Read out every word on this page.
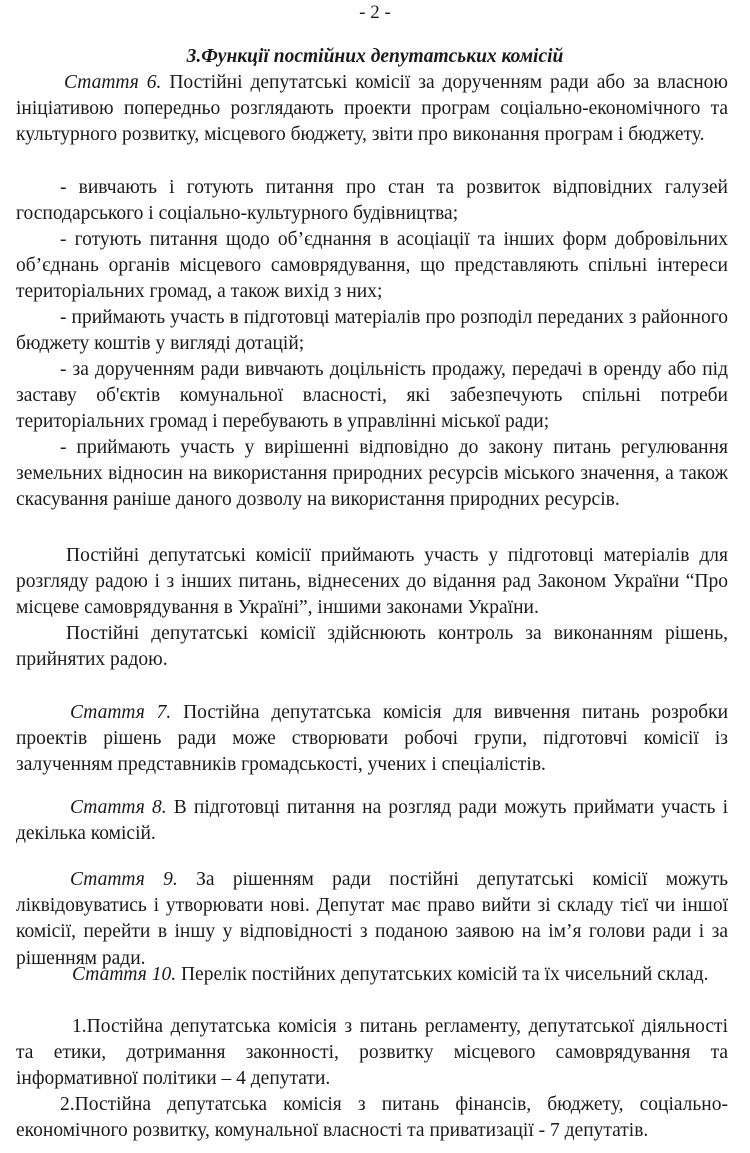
- 2 -
3.Функції постійних депутатських комісій
Стаття 6. Постійні депутатські комісії за дорученням ради або за власною ініціативою попередньо розглядають проекти програм соціально-економічного та культурного розвитку, місцевого бюджету, звіти про виконання програм і бюджету.
- вивчають і готують питання про стан та розвиток відповідних галузей господарського і соціально-культурного будівництва;
- готують питання щодо об’єднання в асоціації та інших форм добровільних об’єднань органів місцевого самоврядування, що представляють спільні інтереси територіальних громад, а також вихід з них;
- приймають участь в підготовці матеріалів про розподіл переданих з районного бюджету коштів у вигляді дотацій;
- за дорученням ради вивчають доцільність продажу, передачі в оренду або під заставу об'єктів комунальної власності, які забезпечують спільні потреби територіальних громад і перебувають в управлінні міської ради;
- приймають участь у вирішенні відповідно до закону питань регулювання земельних відносин на використання природних ресурсів міського значення, а також скасування раніше даного дозволу на використання природних ресурсів.
Постійні депутатські комісії приймають участь у підготовці матеріалів для розгляду радою і з інших питань, віднесених до відання рад Законом України “Про місцеве самоврядування в Україні”, іншими законами України.
Постійні депутатські комісії здійснюють контроль за виконанням рішень, прийнятих радою.
Стаття 7. Постійна депутатська комісія для вивчення питань розробки проектів рішень ради може створювати робочі групи, підготовчі комісії із залученням представників громадськості, учених і спеціалістів.
Стаття 8. В підготовці питання на розгляд ради можуть приймати участь і декілька комісій.
Стаття 9. За рішенням ради постійні депутатські комісії можуть ліквідовуватись і утворювати нові. Депутат має право вийти зі складу тієї чи іншої комісії, перейти в іншу у відповідності з поданою заявою на ім’я голови ради і за рішенням ради.
Стаття 10. Перелік постійних депутатських комісій та їх чисельний склад.
1.Постійна депутатська комісія з питань регламенту, депутатської діяльності та етики, дотримання законності, розвитку місцевого самоврядування та інформативної політики – 4 депутати.
2.Постійна депутатська комісія з питань фінансів, бюджету, соціально-економічного розвитку, комунальної власності та приватизації - 7 депутатів.
